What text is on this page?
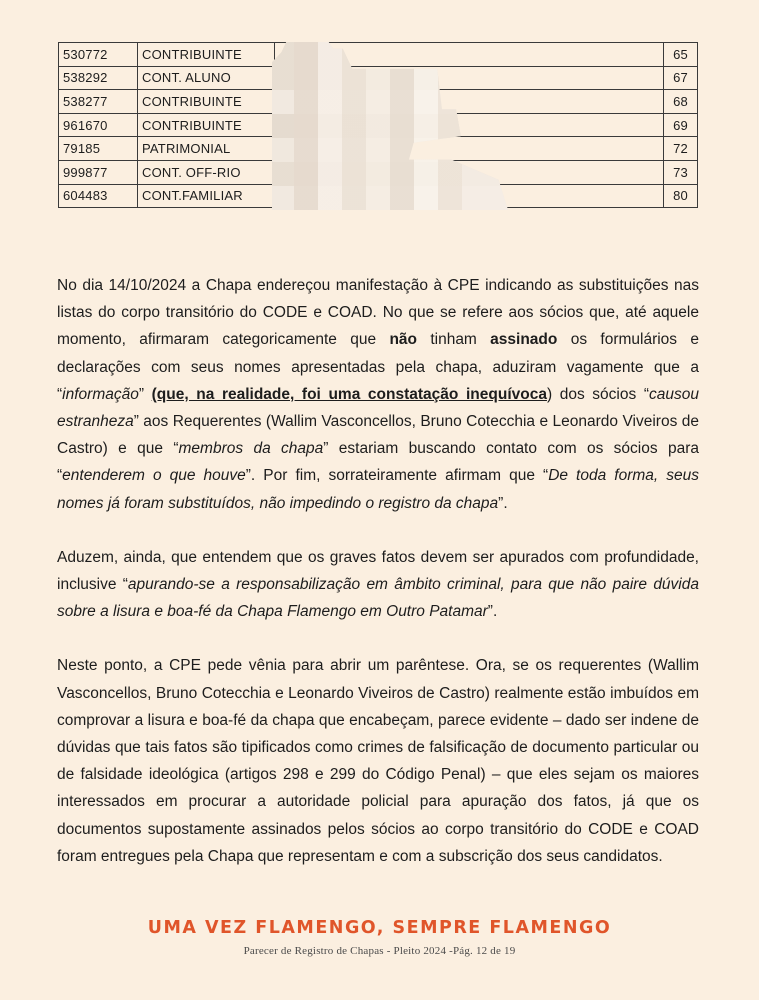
530772	CONTRIBUINTE		65
538292	CONT. ALUNO		67
538277	CONTRIBUINTE		68
961670	CONTRIBUINTE		69
79185	PATRIMONIAL		72
999877	CONT. OFF-RIO		73
604483	CONT.FAMILIAR		80

No dia 14/10/2024 a Chapa endereçou manifestação à CPE indicando as substituições nas listas do corpo transitório do CODE e COAD. No que se refere aos sócios que, até aquele momento, afirmaram categoricamente que não tinham assinado os formulários e declarações com seus nomes apresentadas pela chapa, aduziram vagamente que a “informação” (que, na realidade, foi uma constatação inequívoca) dos sócios “causou estranheza” aos Requerentes (Wallim Vasconcellos, Bruno Cotecchia e Leonardo Viveiros de Castro) e que “membros da chapa” estariam buscando contato com os sócios para “entenderem o que houve”. Por fim, sorrateiramente afirmam que “De toda forma, seus nomes já foram substituídos, não impedindo o registro da chapa”.

Aduzem, ainda, que entendem que os graves fatos devem ser apurados com profundidade, inclusive “apurando-se a responsabilização em âmbito criminal, para que não paire dúvida sobre a lisura e boa-fé da Chapa Flamengo em Outro Patamar”.

Neste ponto, a CPE pede vênia para abrir um parêntese. Ora, se os requerentes (Wallim Vasconcellos, Bruno Cotecchia e Leonardo Viveiros de Castro) realmente estão imbuídos em comprovar a lisura e boa-fé da chapa que encabeçam, parece evidente – dado ser indene de dúvidas que tais fatos são tipificados como crimes de falsificação de documento particular ou de falsidade ideológica (artigos 298 e 299 do Código Penal) – que eles sejam os maiores interessados em procurar a autoridade policial para apuração dos fatos, já que os documentos supostamente assinados pelos sócios ao corpo transitório do CODE e COAD foram entregues pela Chapa que representam e com a subscrição dos seus candidatos.

UMA VEZ FLAMENGO, SEMPRE FLAMENGO
Parecer de Registro de Chapas - Pleito 2024 -Pág. 12 de 19
